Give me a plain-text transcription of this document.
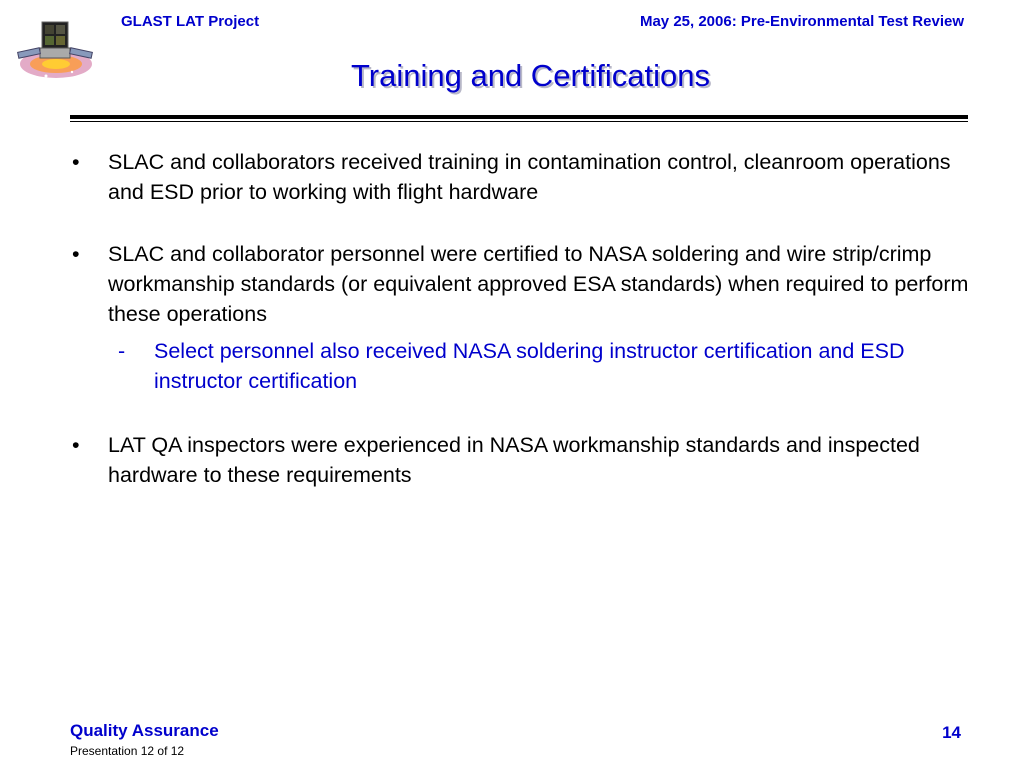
GLAST LAT Project	May 25, 2006: Pre-Environmental Test Review
Training and Certifications
•	SLAC and collaborators received training in contamination control, cleanroom operations and ESD prior to working with flight hardware
•	SLAC and collaborator personnel were certified to NASA soldering and wire strip/crimp workmanship standards (or equivalent approved ESA standards) when required to perform these operations
-	Select personnel also received NASA soldering instructor certification and ESD instructor certification
•	LAT QA inspectors were experienced in NASA workmanship standards and inspected hardware to these requirements
Quality Assurance
Presentation 12 of 12
14
